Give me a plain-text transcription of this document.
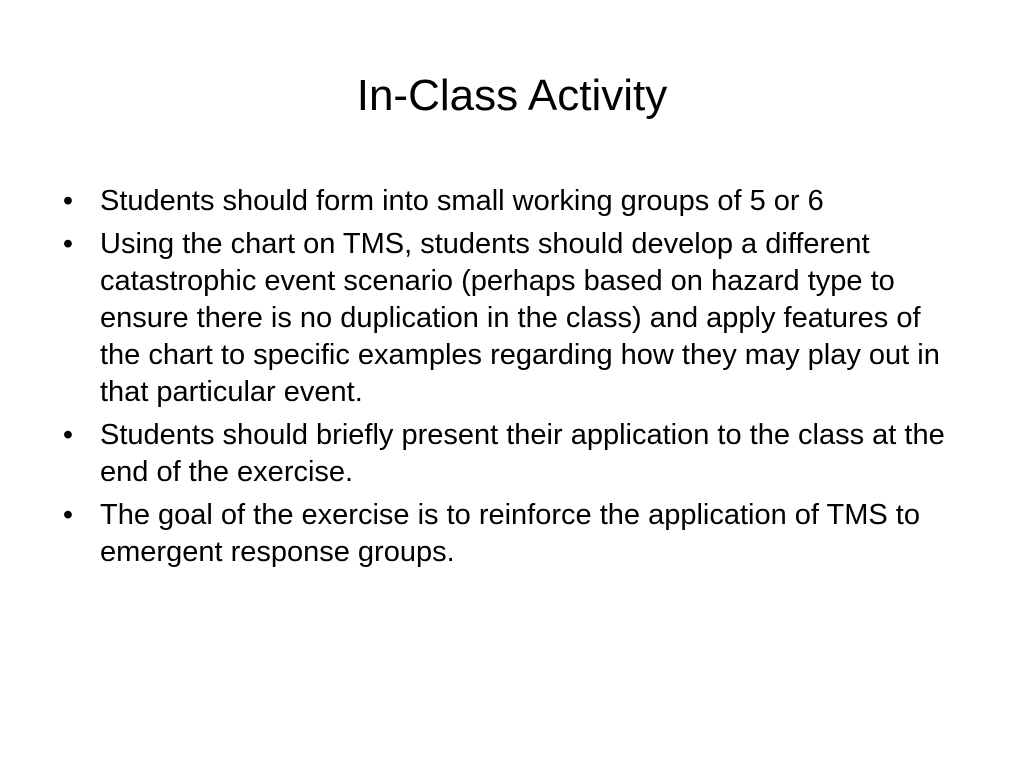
In-Class Activity
• Students should form into small working groups of 5 or 6
• Using the chart on TMS, students should develop a different catastrophic event scenario (perhaps based on hazard type to ensure there is no duplication in the class) and apply features of the chart to specific examples regarding how they may play out in that particular event.
• Students should briefly present their application to the class at the end of the exercise.
• The goal of the exercise is to reinforce the application of TMS to emergent response groups.
